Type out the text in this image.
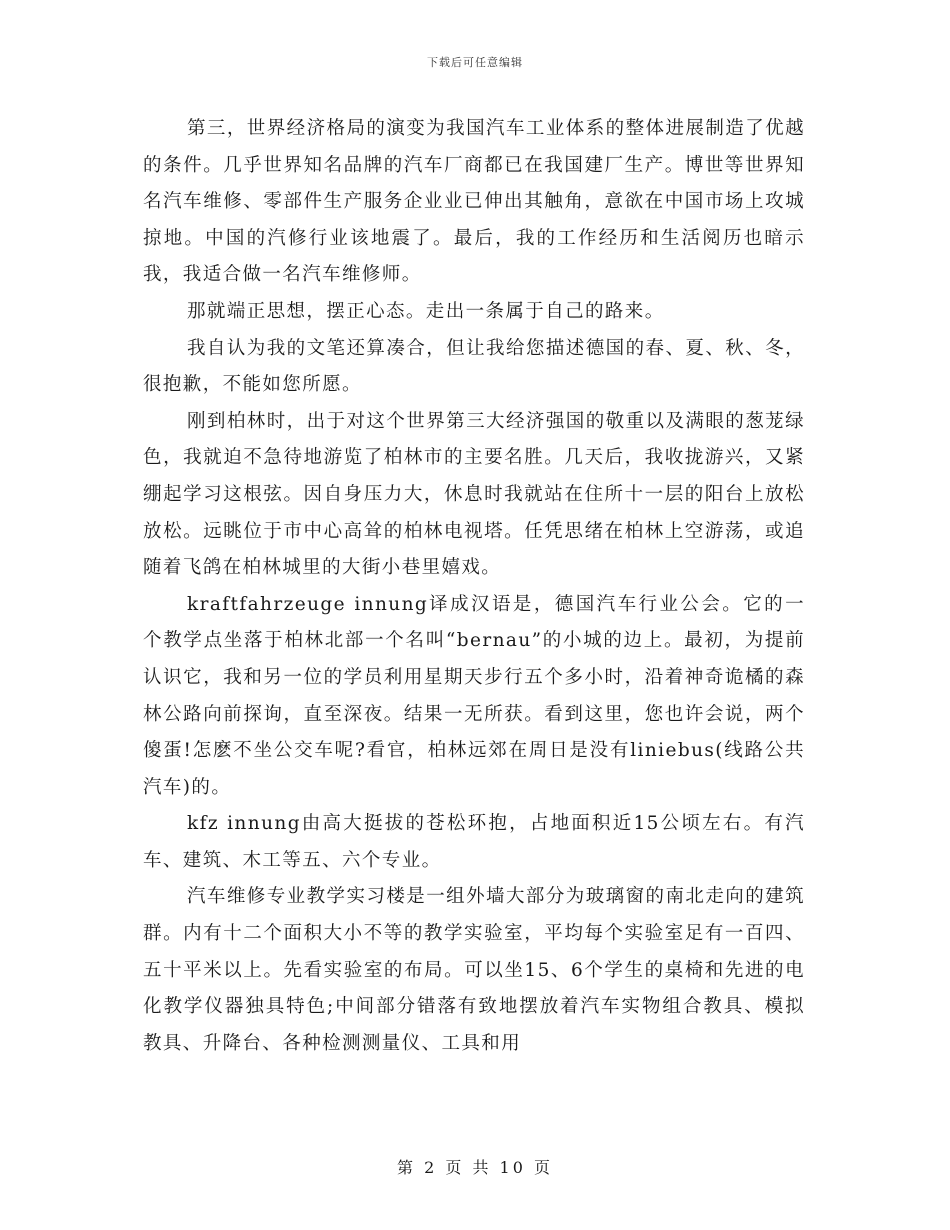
下载后可任意编辑

第三，世界经济格局的演变为我国汽车工业体系的整体进展制造了优越的条件。几乎世界知名品牌的汽车厂商都已在我国建厂生产。博世等世界知名汽车维修、零部件生产服务企业业已伸出其触角，意欲在中国市场上攻城掠地。中国的汽修行业该地震了。最后，我的工作经历和生活阅历也暗示我，我适合做一名汽车维修师。

那就端正思想，摆正心态。走出一条属于自己的路来。

我自认为我的文笔还算凑合，但让我给您描述德国的春、夏、秋、冬，很抱歉，不能如您所愿。

刚到柏林时，出于对这个世界第三大经济强国的敬重以及满眼的葱茏绿色，我就迫不急待地游览了柏林市的主要名胜。几天后，我收拢游兴，又紧绷起学习这根弦。因自身压力大，休息时我就站在住所十一层的阳台上放松放松。远眺位于市中心高耸的柏林电视塔。任凭思绪在柏林上空游荡，或追随着飞鸽在柏林城里的大街小巷里嬉戏。

kraftfahrzeuge innung译成汉语是，德国汽车行业公会。它的一个教学点坐落于柏林北部一个名叫“bernau”的小城的边上。最初，为提前认识它，我和另一位的学员利用星期天步行五个多小时，沿着神奇诡橘的森林公路向前探询，直至深夜。结果一无所获。看到这里，您也许会说，两个傻蛋!怎麽不坐公交车呢?看官，柏林远郊在周日是没有liniebus(线路公共汽车)的。

kfz innung由高大挺拔的苍松环抱，占地面积近15公顷左右。有汽车、建筑、木工等五、六个专业。

汽车维修专业教学实习楼是一组外墙大部分为玻璃窗的南北走向的建筑群。内有十二个面积大小不等的教学实验室，平均每个实验室足有一百四、五十平米以上。先看实验室的布局。可以坐15、6个学生的桌椅和先进的电化教学仪器独具特色;中间部分错落有致地摆放着汽车实物组合教具、模拟教具、升降台、各种检测测量仪、工具和用

第 2 页 共 10 页
